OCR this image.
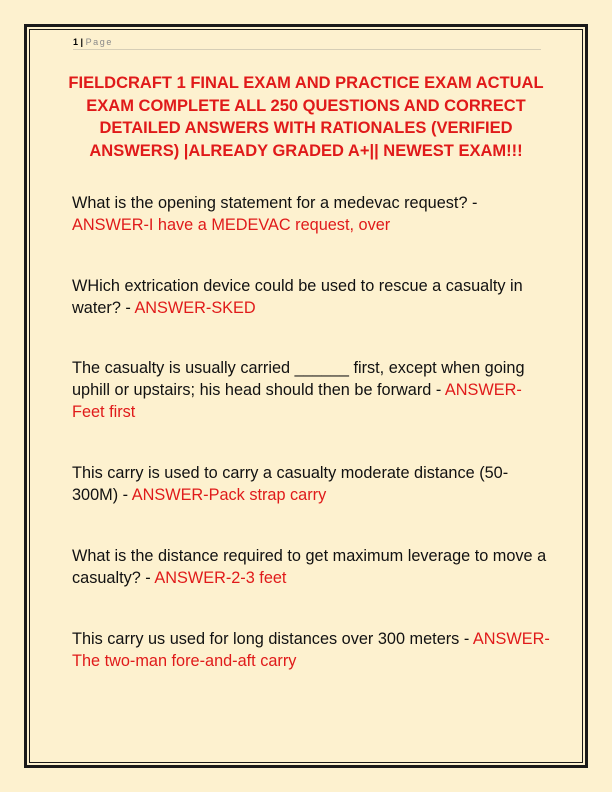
1 | Page
FIELDCRAFT 1 FINAL EXAM AND PRACTICE EXAM ACTUAL EXAM COMPLETE ALL 250 QUESTIONS AND CORRECT DETAILED ANSWERS WITH RATIONALES (VERIFIED ANSWERS) |ALREADY GRADED A+|| NEWEST EXAM!!!
What is the opening statement for a medevac request? - ANSWER-I have a MEDEVAC request, over
WHich extrication device could be used to rescue a casualty in water? - ANSWER-SKED
The casualty is usually carried ______ first, except when going uphill or upstairs; his head should then be forward - ANSWER-Feet first
This carry is used to carry a casualty moderate distance (50-300M) - ANSWER-Pack strap carry
What is the distance required to get maximum leverage to move a casualty? - ANSWER-2-3 feet
This carry us used for long distances over 300 meters - ANSWER-The two-man fore-and-aft carry
